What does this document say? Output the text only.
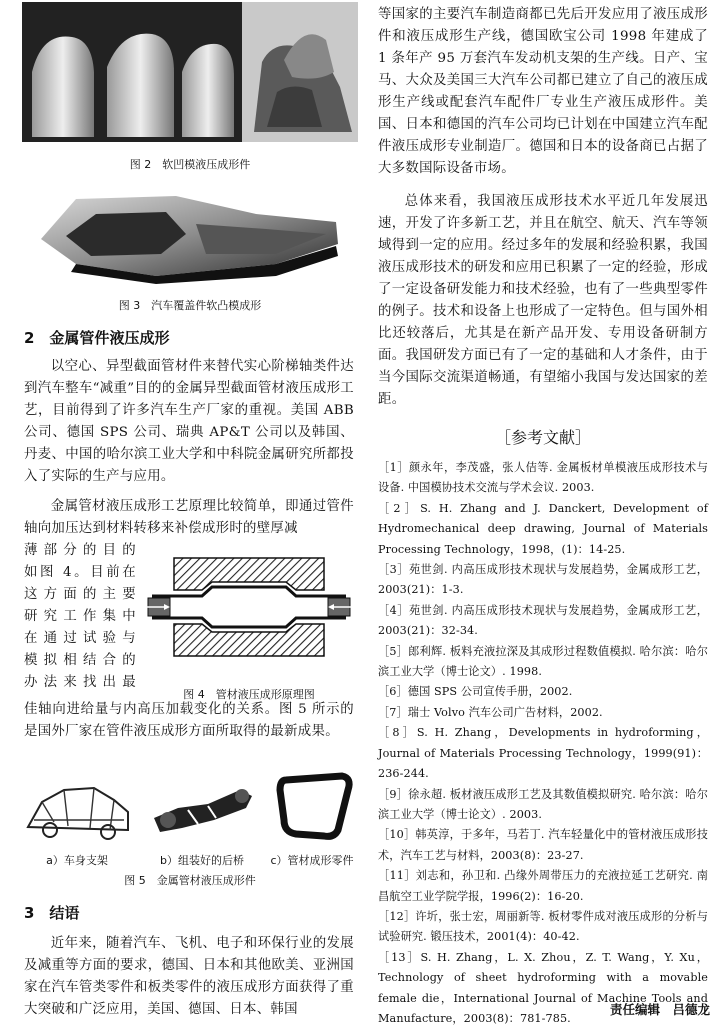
图 2　软凹模液压成形件
图 3　汽车覆盖件软凸模成形
2　金属管件液压成形

以空心、异型截面管材件来替代实心阶梯轴类件达到汽车整车“减重”目的的金属异型截面管材液压成形工艺，目前得到了许多汽车生产厂家的重视。美国 ABB 公司、德国 SPS 公司、瑞典 AP&T 公司以及韩国、丹麦、中国的哈尔滨工业大学和中科院金属研究所都投入了实际的生产与应用。

金属管材液压成形工艺原理比较简单，即通过管件轴向加压达到材料转移来补偿成形时的壁厚减

薄部分的目的
如图 4。目前在
这方面的主要
研究工作集中
在通过试验与
模拟相结合的
办法来找出最
图 4　管材液压成形原理图

佳轴向进给量与内高压加载变化的关系。图 5 所示的是国外厂家在管件液压成形方面所取得的最新成果。

a）车身支架	b）组装好的后桥	c）管材成形零件
图 5　金属管材液压成形件
3　结语

近年来，随着汽车、飞机、电子和环保行业的发展及减重等方面的要求，德国、日本和其他欧美、亚洲国家在汽车管类零件和板类零件的液压成形方面获得了重大突破和广泛应用，美国、德国、日本、韩国

等国家的主要汽车制造商都已先后开发应用了液压成形件和液压成形生产线，德国欧宝公司 1998 年建成了 1 条年产 95 万套汽车发动机支架的生产线。日产、宝马、大众及美国三大汽车公司都已建立了自己的液压成形生产线或配套汽车配件厂专业生产液压成形件。美国、日本和德国的汽车公司均已计划在中国建立汽车配件液压成形专业制造厂。德国和日本的设备商已占据了大多数国际设备市场。

总体来看，我国液压成形技术水平近几年发展迅速，开发了许多新工艺，并且在航空、航天、汽车等领域得到一定的应用。经过多年的发展和经验积累，我国液压成形技术的研发和应用已积累了一定的经验，形成了一定设备研发能力和技术经验，也有了一些典型零件的例子。技术和设备上也形成了一定特色。但与国外相比还较落后，尤其是在新产品开发、专用设备研制方面。我国研发方面已有了一定的基础和人才条件，由于当今国际交流渠道畅通，有望缩小我国与发达国家的差距。

［参考文献］

［1］颜永年，李茂盛，张人佶等. 金属板材单模液压成形技术与设备. 中国模协技术交流与学术会议. 2003.

［2］S. H. Zhang and J. Danckert, Development of Hydromechanical deep drawing, Journal of Materials Processing Technology，1998，(1)：14-25.

［3］苑世剑. 内高压成形技术现状与发展趋势，金属成形工艺，2003(21)：1-3.

［4］苑世剑. 内高压成形技术现状与发展趋势，金属成形工艺，2003(21)：32-34.

［5］郎利辉. 板料充液拉深及其成形过程数值模拟. 哈尔滨：哈尔滨工业大学（博士论文）. 1998.

［6］德国 SPS 公司宣传手册，2002.

［7］瑞士 Volvo 汽车公司广告材料，2002.

［8］S. H. Zhang，Developments in hydroforming，Journal of Materials Processing Technology，1999(91)：236-244.

［9］徐永超. 板材液压成形工艺及其数值模拟研究. 哈尔滨：哈尔滨工业大学（博士论文）. 2003.

［10］韩英淳，于多年，马若丁. 汽车轻量化中的管材液压成形技术，汽车工艺与材料，2003(8)：23-27.

［11］刘志和，孙卫和. 凸缘外周带压力的充液拉延工艺研究. 南昌航空工业学院学报，1996(2)：16-20.

［12］许圻，张士宏，周丽新等. 板材零件成对液压成形的分析与试验研究. 锻压技术，2001(4)：40-42.

［13］S. H. Zhang，L. X. Zhou，Z. T. Wang，Y. Xu，Technology of sheet hydroforming with a movable female die，International Journal of Machine Tools and Manufacture，2003(8)：781-785.

责任编辑　吕德龙
